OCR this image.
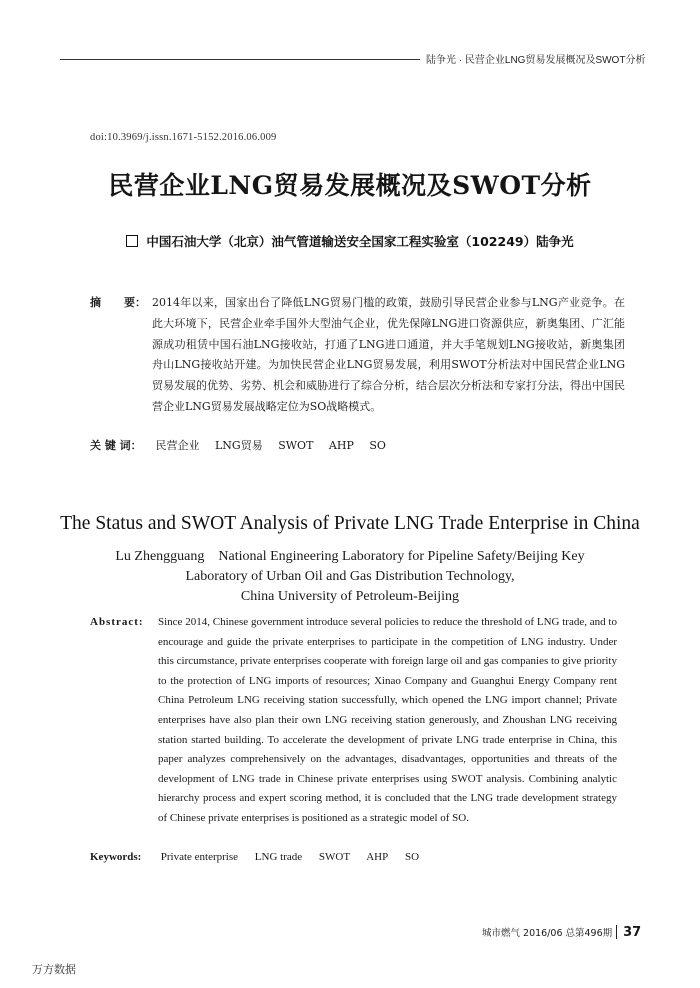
陆争光 · 民营企业LNG贸易发展概况及SWOT分析
doi:10.3969/j.issn.1671-5152.2016.06.009
民营企业LNG贸易发展概况及SWOT分析
中国石油大学（北京）油气管道输送安全国家工程实验室（102249）陆争光
摘 要： 2014年以来，国家出台了降低LNG贸易门槛的政策，鼓励引导民营企业参与LNG产业竞争。在此大环境下，民营企业牵手国外大型油气企业，优先保障LNG进口资源供应，新奥集团、广汇能源成功租赁中国石油LNG接收站，打通了LNG进口通道，并大手笔规划LNG接收站，新奥集团舟山LNG接收站开建。为加快民营企业LNG贸易发展，利用SWOT分析法对中国民营企业LNG贸易发展的优势、劣势、机会和威胁进行了综合分析，结合层次分析法和专家打分法，得出中国民营企业LNG贸易发展战略定位为SO战略模式。
关 键 词： 民营企业 LNG贸易 SWOT AHP SO
The Status and SWOT Analysis of Private LNG Trade Enterprise in China
Lu Zhengguang    National Engineering Laboratory for Pipeline Safety/Beijing Key
Laboratory of Urban Oil and Gas Distribution Technology,
China University of Petroleum-Beijing
Abstract: Since 2014, Chinese government introduce several policies to reduce the threshold of LNG trade, and to encourage and guide the private enterprises to participate in the competition of LNG industry. Under this circumstance, private enterprises cooperate with foreign large oil and gas companies to give priority to the protection of LNG imports of resources; Xinao Company and Guanghui Energy Company rent China Petroleum LNG receiving station successfully, which opened the LNG import channel; Private enterprises have also plan their own LNG receiving station generously, and Zhoushan LNG receiving station started building. To accelerate the development of private LNG trade enterprise in China, this paper analyzes comprehensively on the advantages, disadvantages, opportunities and threats of the development of LNG trade in Chinese private enterprises using SWOT analysis. Combining analytic hierarchy process and expert scoring method, it is concluded that the LNG trade development strategy of Chinese private enterprises is positioned as a strategic model of SO.
Keywords: Private enterprise LNG trade SWOT AHP SO
城市燃气 2016/06 总第496期 37
万方数据
